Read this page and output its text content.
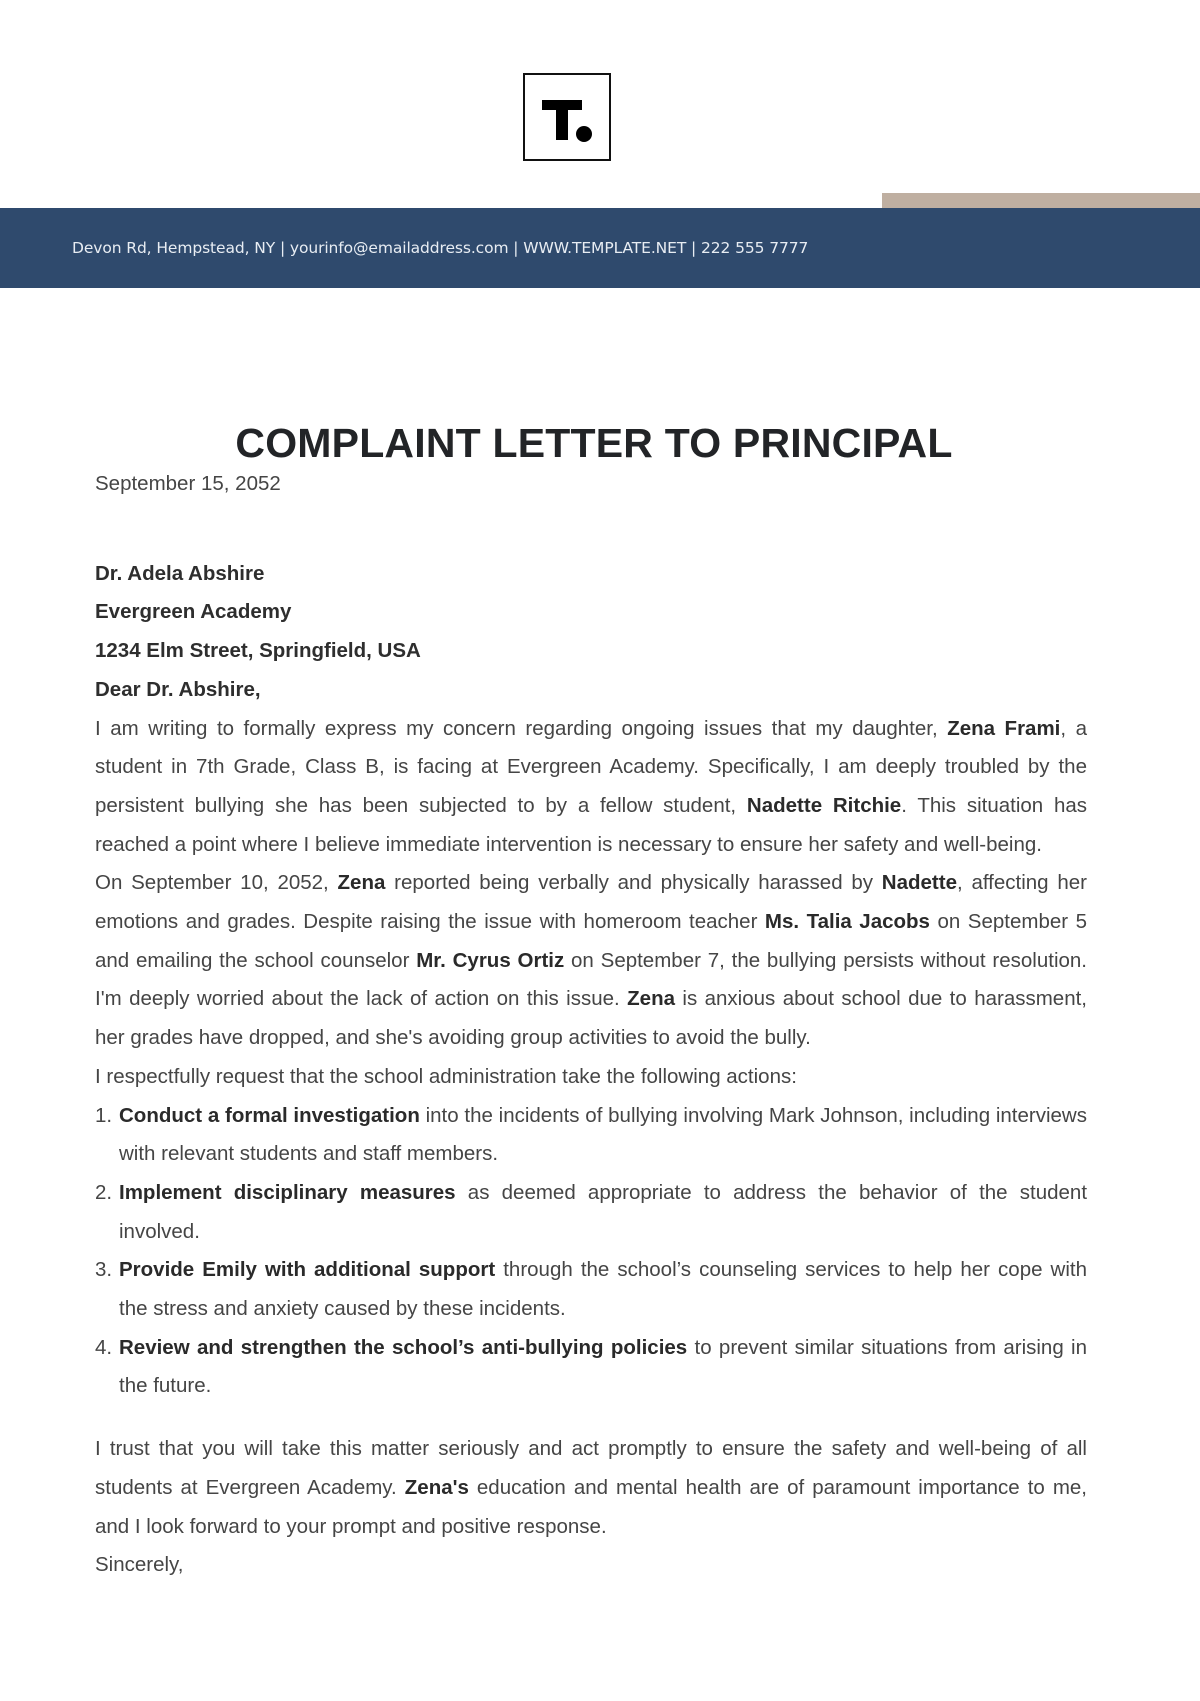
Devon Rd, Hempstead, NY | yourinfo@emailaddress.com | WWW.TEMPLATE.NET | 222 555 7777
COMPLAINT LETTER TO PRINCIPAL

September 15, 2052

Dr. Adela Abshire

Evergreen Academy

1234 Elm Street, Springfield, USA

Dear Dr. Abshire,

I am writing to formally express my concern regarding ongoing issues that my daughter, Zena Frami, a student in 7th Grade, Class B, is facing at Evergreen Academy. Specifically, I am deeply troubled by the persistent bullying she has been subjected to by a fellow student, Nadette Ritchie. This situation has reached a point where I believe immediate intervention is necessary to ensure her safety and well-being.

On September 10, 2052, Zena reported being verbally and physically harassed by Nadette, affecting her emotions and grades. Despite raising the issue with homeroom teacher Ms. Talia Jacobs on September 5 and emailing the school counselor Mr. Cyrus Ortiz on September 7, the bullying persists without resolution. I'm deeply worried about the lack of action on this issue. Zena is anxious about school due to harassment, her grades have dropped, and she's avoiding group activities to avoid the bully.

I respectfully request that the school administration take the following actions:

1. Conduct a formal investigation into the incidents of bullying involving Mark Johnson, including interviews with relevant students and staff members.
2. Implement disciplinary measures as deemed appropriate to address the behavior of the student involved.
3. Provide Emily with additional support through the school’s counseling services to help her cope with the stress and anxiety caused by these incidents.
4. Review and strengthen the school’s anti-bullying policies to prevent similar situations from arising in the future.

I trust that you will take this matter seriously and act promptly to ensure the safety and well-being of all students at Evergreen Academy. Zena's education and mental health are of paramount importance to me, and I look forward to your prompt and positive response.

Sincerely,
